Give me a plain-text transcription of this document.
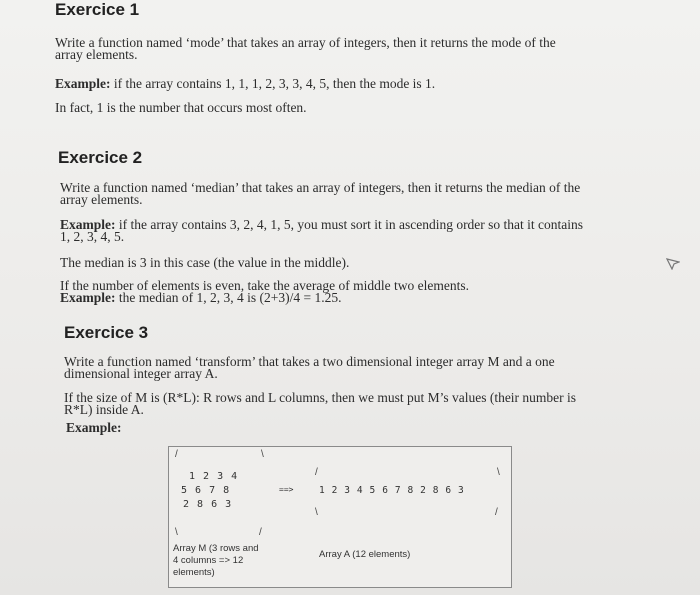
Exercice 1
Write a function named ‘mode’ that takes an array of integers, then it returns the mode of the
array elements.
Example: if the array contains 1, 1, 1, 2, 3, 3, 4, 5, then the mode is 1.
In fact, 1 is the number that occurs most often.
Exercice 2
Write a function named ‘median’ that takes an array of integers, then it returns the median of the
array elements.
Example: if the array contains 3, 2, 4, 1, 5, you must sort it in ascending order so that it contains
1, 2, 3, 4, 5.
The median is 3 in this case (the value in the middle).
If the number of elements is even, take the average of middle two elements.
Example: the median of 1, 2, 3, 4 is (2+3)/4 = 1.25.
Exercice 3
Write a function named ‘transform’ that takes a two dimensional integer array M and a one
dimensional integer array A.
If the size of M is (R*L): R rows and L columns, then we must put M’s values (their number is
R*L) inside A.
Example:
/	\
\	/
1 2 3 4
5 6 7 8
2 8 6 3
==>
/	\
\	/
1 2 3 4 5 6 7 8 2 8 6 3
Array M (3 rows and
4 columns => 12
elements)
Array A (12 elements)
